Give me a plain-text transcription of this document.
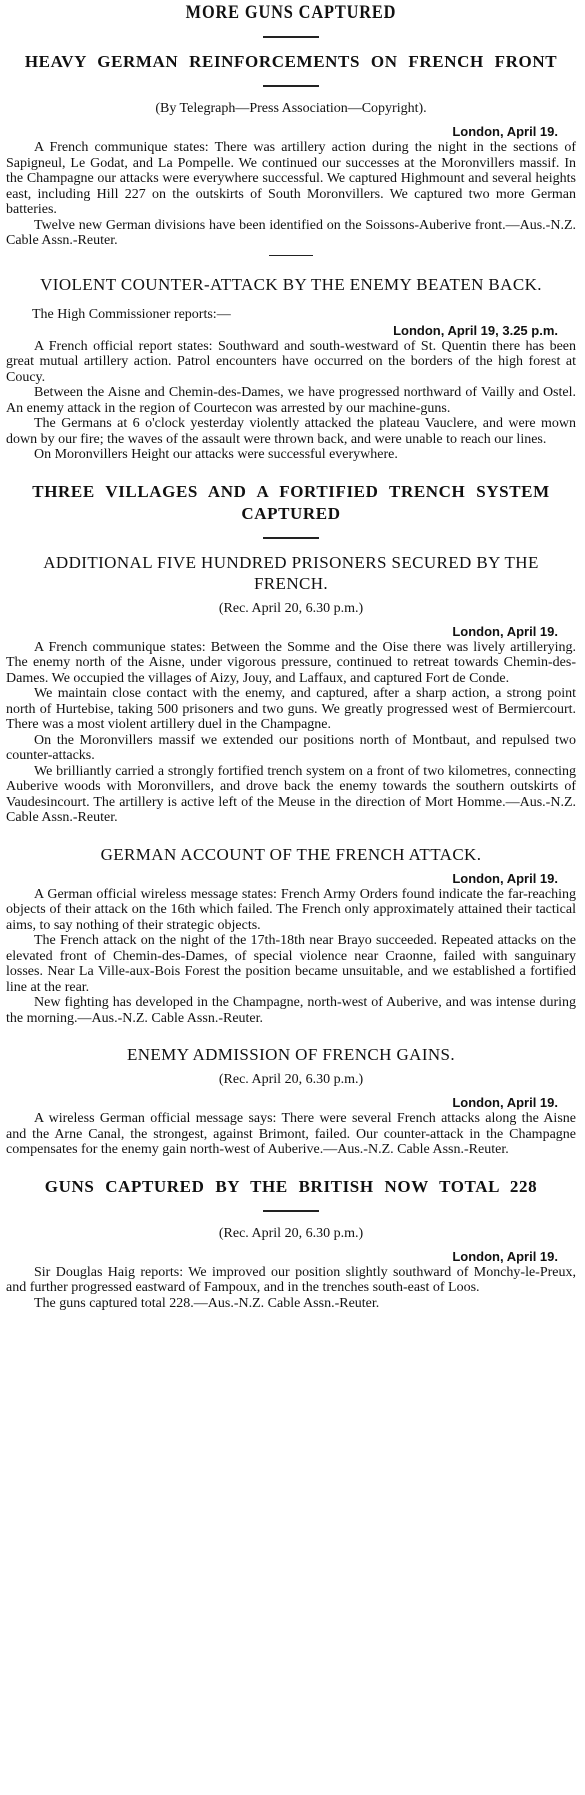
MORE GUNS CAPTURED
HEAVY GERMAN REINFORCEMENTS ON FRENCH FRONT

(By Telegraph—Press Association—Copyright).

London, April 19.

A French communique states: There was artillery action during the night in the sections of Sapigneul, Le Godat, and La Pompelle. We continued our successes at the Moronvillers massif. In the Champagne our attacks were everywhere successful. We captured Highmount and several heights east, including Hill 227 on the outskirts of South Moronvillers. We captured two more German batteries.

Twelve new German divisions have been identified on the Soissons-Auberive front.—Aus.-N.Z. Cable Assn.-Reuter.

VIOLENT COUNTER-ATTACK BY THE ENEMY BEATEN BACK.

The High Commissioner reports:—

London, April 19, 3.25 p.m.

A French official report states: Southward and south-westward of St. Quentin there has been great mutual artillery action. Patrol encounters have occurred on the borders of the high forest at Coucy.

Between the Aisne and Chemin-des-Dames, we have progressed northward of Vailly and Ostel. An enemy attack in the region of Courtecon was arrested by our machine-guns.

The Germans at 6 o'clock yesterday violently attacked the plateau Vauclere, and were mown down by our fire; the waves of the assault were thrown back, and were unable to reach our lines.

On Moronvillers Height our attacks were successful everywhere.

THREE VILLAGES AND A FORTIFIED TRENCH SYSTEM CAPTURED
ADDITIONAL FIVE HUNDRED PRISONERS SECURED BY THE FRENCH.

(Rec. April 20, 6.30 p.m.)

London, April 19.

A French communique states: Between the Somme and the Oise there was lively artillerying. The enemy north of the Aisne, under vigorous pressure, continued to retreat towards Chemin-des-Dames. We occupied the villages of Aizy, Jouy, and Laffaux, and captured Fort de Conde.

We maintain close contact with the enemy, and captured, after a sharp action, a strong point north of Hurtebise, taking 500 prisoners and two guns. We greatly progressed west of Bermiercourt. There was a most violent artillery duel in the Champagne.

On the Moronvillers massif we extended our positions north of Montbaut, and repulsed two counter-attacks.

We brilliantly carried a strongly fortified trench system on a front of two kilometres, connecting Auberive woods with Moronvillers, and drove back the enemy towards the southern outskirts of Vaudesincourt. The artillery is active left of the Meuse in the direction of Mort Homme.—Aus.-N.Z. Cable Assn.-Reuter.

GERMAN ACCOUNT OF THE FRENCH ATTACK.

London, April 19.

A German official wireless message states: French Army Orders found indicate the far-reaching objects of their attack on the 16th which failed. The French only approximately attained their tactical aims, to say nothing of their strategic objects.

The French attack on the night of the 17th-18th near Brayo succeeded. Repeated attacks on the elevated front of Chemin-des-Dames, of special violence near Craonne, failed with sanguinary losses. Near La Ville-aux-Bois Forest the position became unsuitable, and we established a fortified line at the rear.

New fighting has developed in the Champagne, north-west of Auberive, and was intense during the morning.—Aus.-N.Z. Cable Assn.-Reuter.

ENEMY ADMISSION OF FRENCH GAINS.

(Rec. April 20, 6.30 p.m.)

London, April 19.

A wireless German official message says: There were several French attacks along the Aisne and the Arne Canal, the strongest, against Brimont, failed. Our counter-attack in the Champagne compensates for the enemy gain north-west of Auberive.—Aus.-N.Z. Cable Assn.-Reuter.

GUNS CAPTURED BY THE BRITISH NOW TOTAL 228

(Rec. April 20, 6.30 p.m.)

London, April 19.

Sir Douglas Haig reports: We improved our position slightly southward of Monchy-le-Preux, and further progressed eastward of Fampoux, and in the trenches south-east of Loos.

The guns captured total 228.—Aus.-N.Z. Cable Assn.-Reuter.
